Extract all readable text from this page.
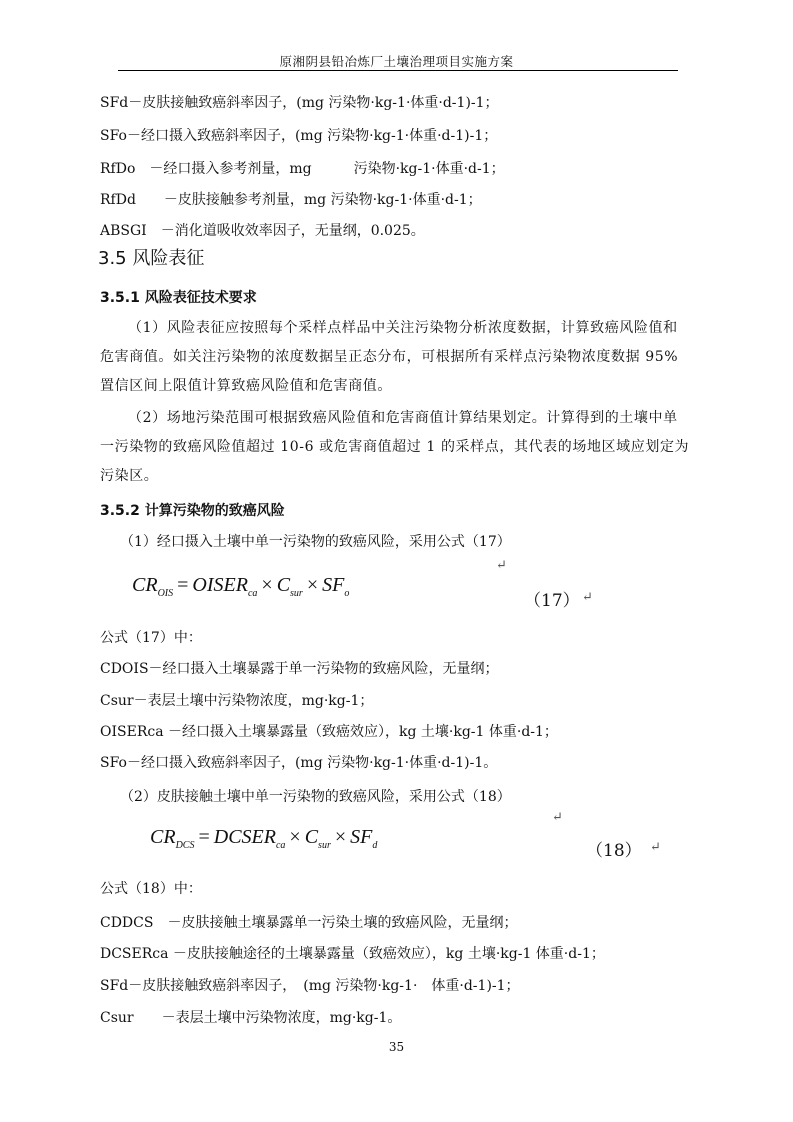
原湘阴县铅冶炼厂土壤治理项目实施方案
SFd－皮肤接触致癌斜率因子，(mg 污染物·kg-1·体重·d-1)-1；
SFo－经口摄入致癌斜率因子，(mg 污染物·kg-1·体重·d-1)-1；
RfDo　－经口摄入参考剂量，mg　　　污染物·kg-1·体重·d-1；
RfDd　　－皮肤接触参考剂量，mg 污染物·kg-1·体重·d-1；
ABSGI　－消化道吸收效率因子，无量纲，0.025。
3.5 风险表征
3.5.1 风险表征技术要求
（1）风险表征应按照每个采样点样品中关注污染物分析浓度数据，计算致癌风险值和危害商值。如关注污染物的浓度数据呈正态分布，可根据所有采样点污染物浓度数据 95%置信区间上限值计算致癌风险值和危害商值。
（2）场地污染范围可根据致癌风险值和危害商值计算结果划定。计算得到的土壤中单一污染物的致癌风险值超过 10-6 或危害商值超过 1 的采样点，其代表的场地区域应划定为污染区。
3.5.2 计算污染物的致癌风险
（1）经口摄入土壤中单一污染物的致癌风险，采用公式（17）
$CR_{OIS}$ = $OISER_{ca} \times C_{sur} \times SF_o$
↵
（17） ↵
公式（17）中：
CDOIS－经口摄入土壤暴露于单一污染物的致癌风险，无量纲；
Csur－表层土壤中污染物浓度，mg·kg-1；
OISERca －经口摄入土壤暴露量（致癌效应），kg 土壤·kg-1 体重·d-1；
SFo－经口摄入致癌斜率因子，(mg 污染物·kg-1·体重·d-1)-1。
（2）皮肤接触土壤中单一污染物的致癌风险，采用公式（18）
$CR_{DCS}$ = $DCSER_{ca} \times C_{sur} \times SF_d$
↵
（18） ↵
公式（18）中：
CDDCS　－皮肤接触土壤暴露单一污染土壤的致癌风险，无量纲；
DCSERca －皮肤接触途径的土壤暴露量（致癌效应），kg 土壤·kg-1 体重·d-1；
SFd－皮肤接触致癌斜率因子，　(mg 污染物·kg-1·　体重·d-1)-1；
Csur　　－表层土壤中污染物浓度，mg·kg-1。
35
